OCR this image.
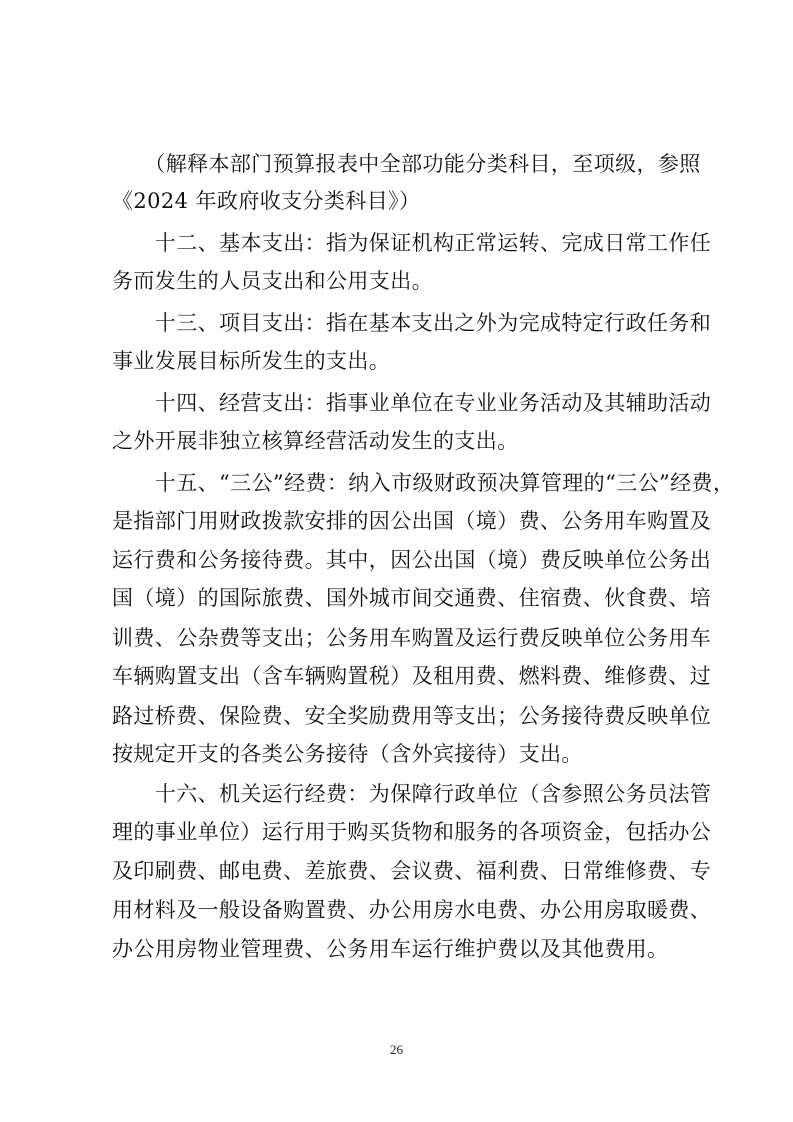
　　（解释本部门预算报表中全部功能分类科目，至项级，参照
《2024 年政府收支分类科目》）
　　十二、基本支出：指为保证机构正常运转、完成日常工作任
务而发生的人员支出和公用支出。
　　十三、项目支出：指在基本支出之外为完成特定行政任务和
事业发展目标所发生的支出。
　　十四、经营支出：指事业单位在专业业务活动及其辅助活动
之外开展非独立核算经营活动发生的支出。
　　十五、“三公”经费：纳入市级财政预决算管理的“三公”经费，
是指部门用财政拨款安排的因公出国（境）费、公务用车购置及
运行费和公务接待费。其中，因公出国（境）费反映单位公务出
国（境）的国际旅费、国外城市间交通费、住宿费、伙食费、培
训费、公杂费等支出；公务用车购置及运行费反映单位公务用车
车辆购置支出（含车辆购置税）及租用费、燃料费、维修费、过
路过桥费、保险费、安全奖励费用等支出；公务接待费反映单位
按规定开支的各类公务接待（含外宾接待）支出。
　　十六、机关运行经费：为保障行政单位（含参照公务员法管
理的事业单位）运行用于购买货物和服务的各项资金，包括办公
及印刷费、邮电费、差旅费、会议费、福利费、日常维修费、专
用材料及一般设备购置费、办公用房水电费、办公用房取暖费、
办公用房物业管理费、公务用车运行维护费以及其他费用。
26
